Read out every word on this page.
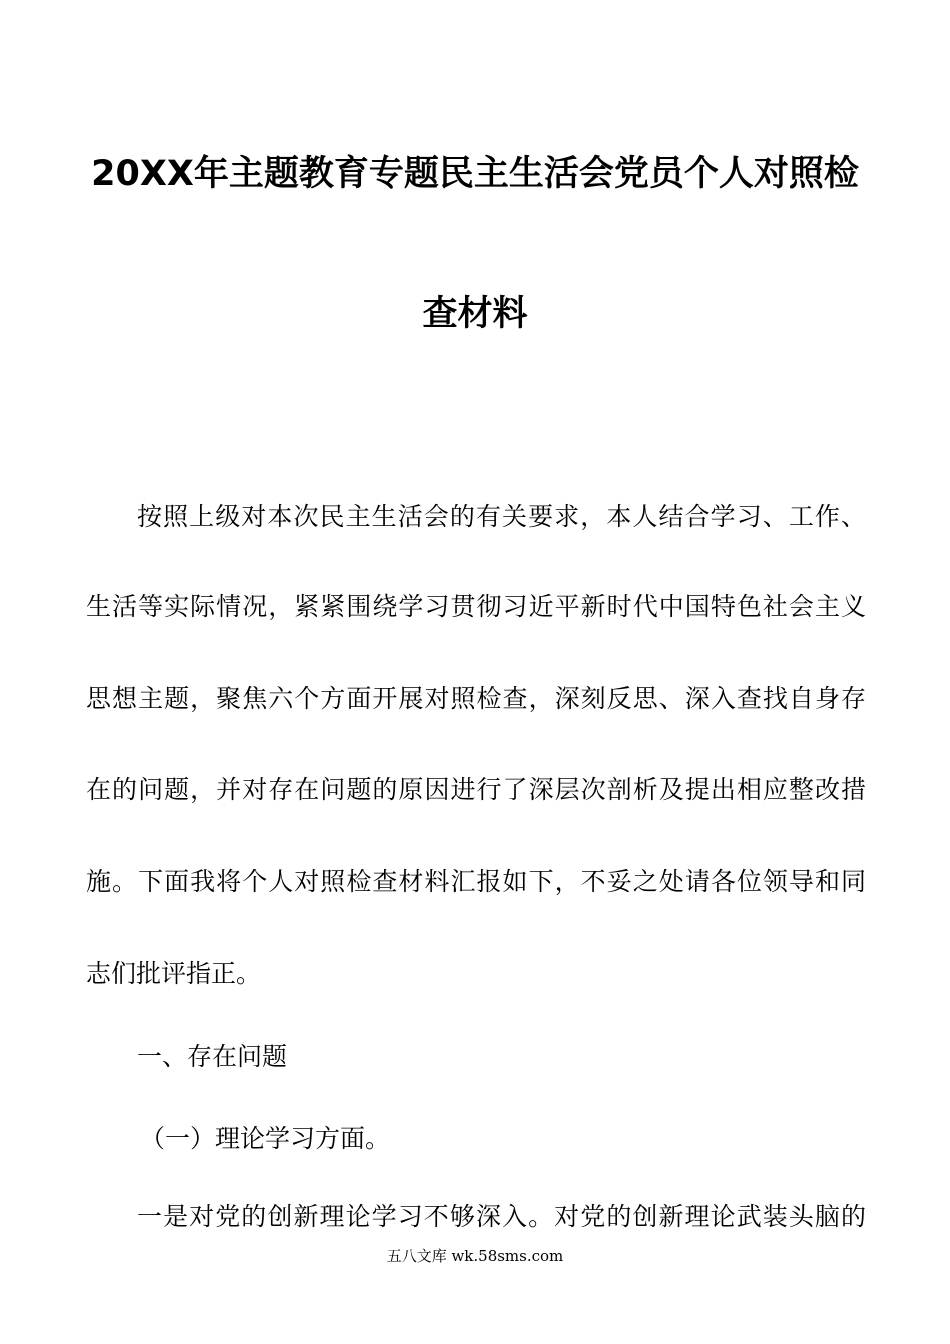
20XX年主题教育专题民主生活会党员个人对照检
查材料
按照上级对本次民主生活会的有关要求，本人结合学习、工作、
生活等实际情况，紧紧围绕学习贯彻习近平新时代中国特色社会主义
思想主题，聚焦六个方面开展对照检查，深刻反思、深入查找自身存
在的问题，并对存在问题的原因进行了深层次剖析及提出相应整改措
施。下面我将个人对照检查材料汇报如下，不妥之处请各位领导和同
志们批评指正。
一、存在问题
（一）理论学习方面。
一是对党的创新理论学习不够深入。对党的创新理论武装头脑的
五八文库 wk.58sms.com
